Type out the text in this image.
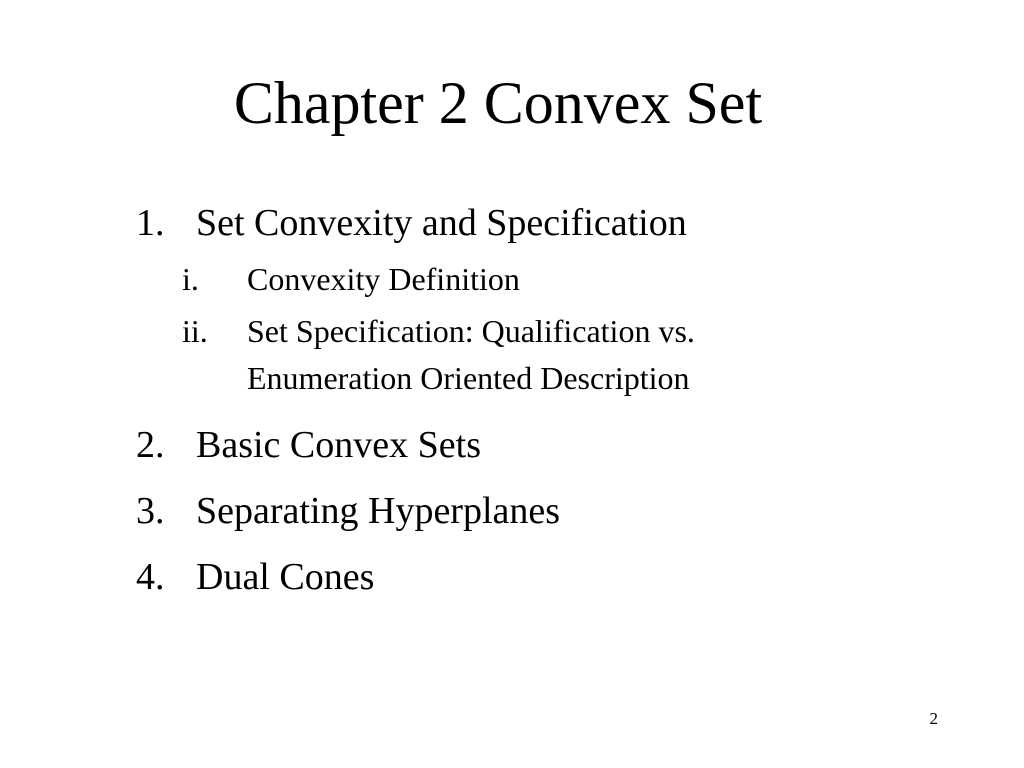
Chapter 2 Convex Set
1. Set Convexity and Specification
i. Convexity Definition
ii. Set Specification: Qualification vs.
Enumeration Oriented Description
2. Basic Convex Sets
3. Separating Hyperplanes
4. Dual Cones
2
